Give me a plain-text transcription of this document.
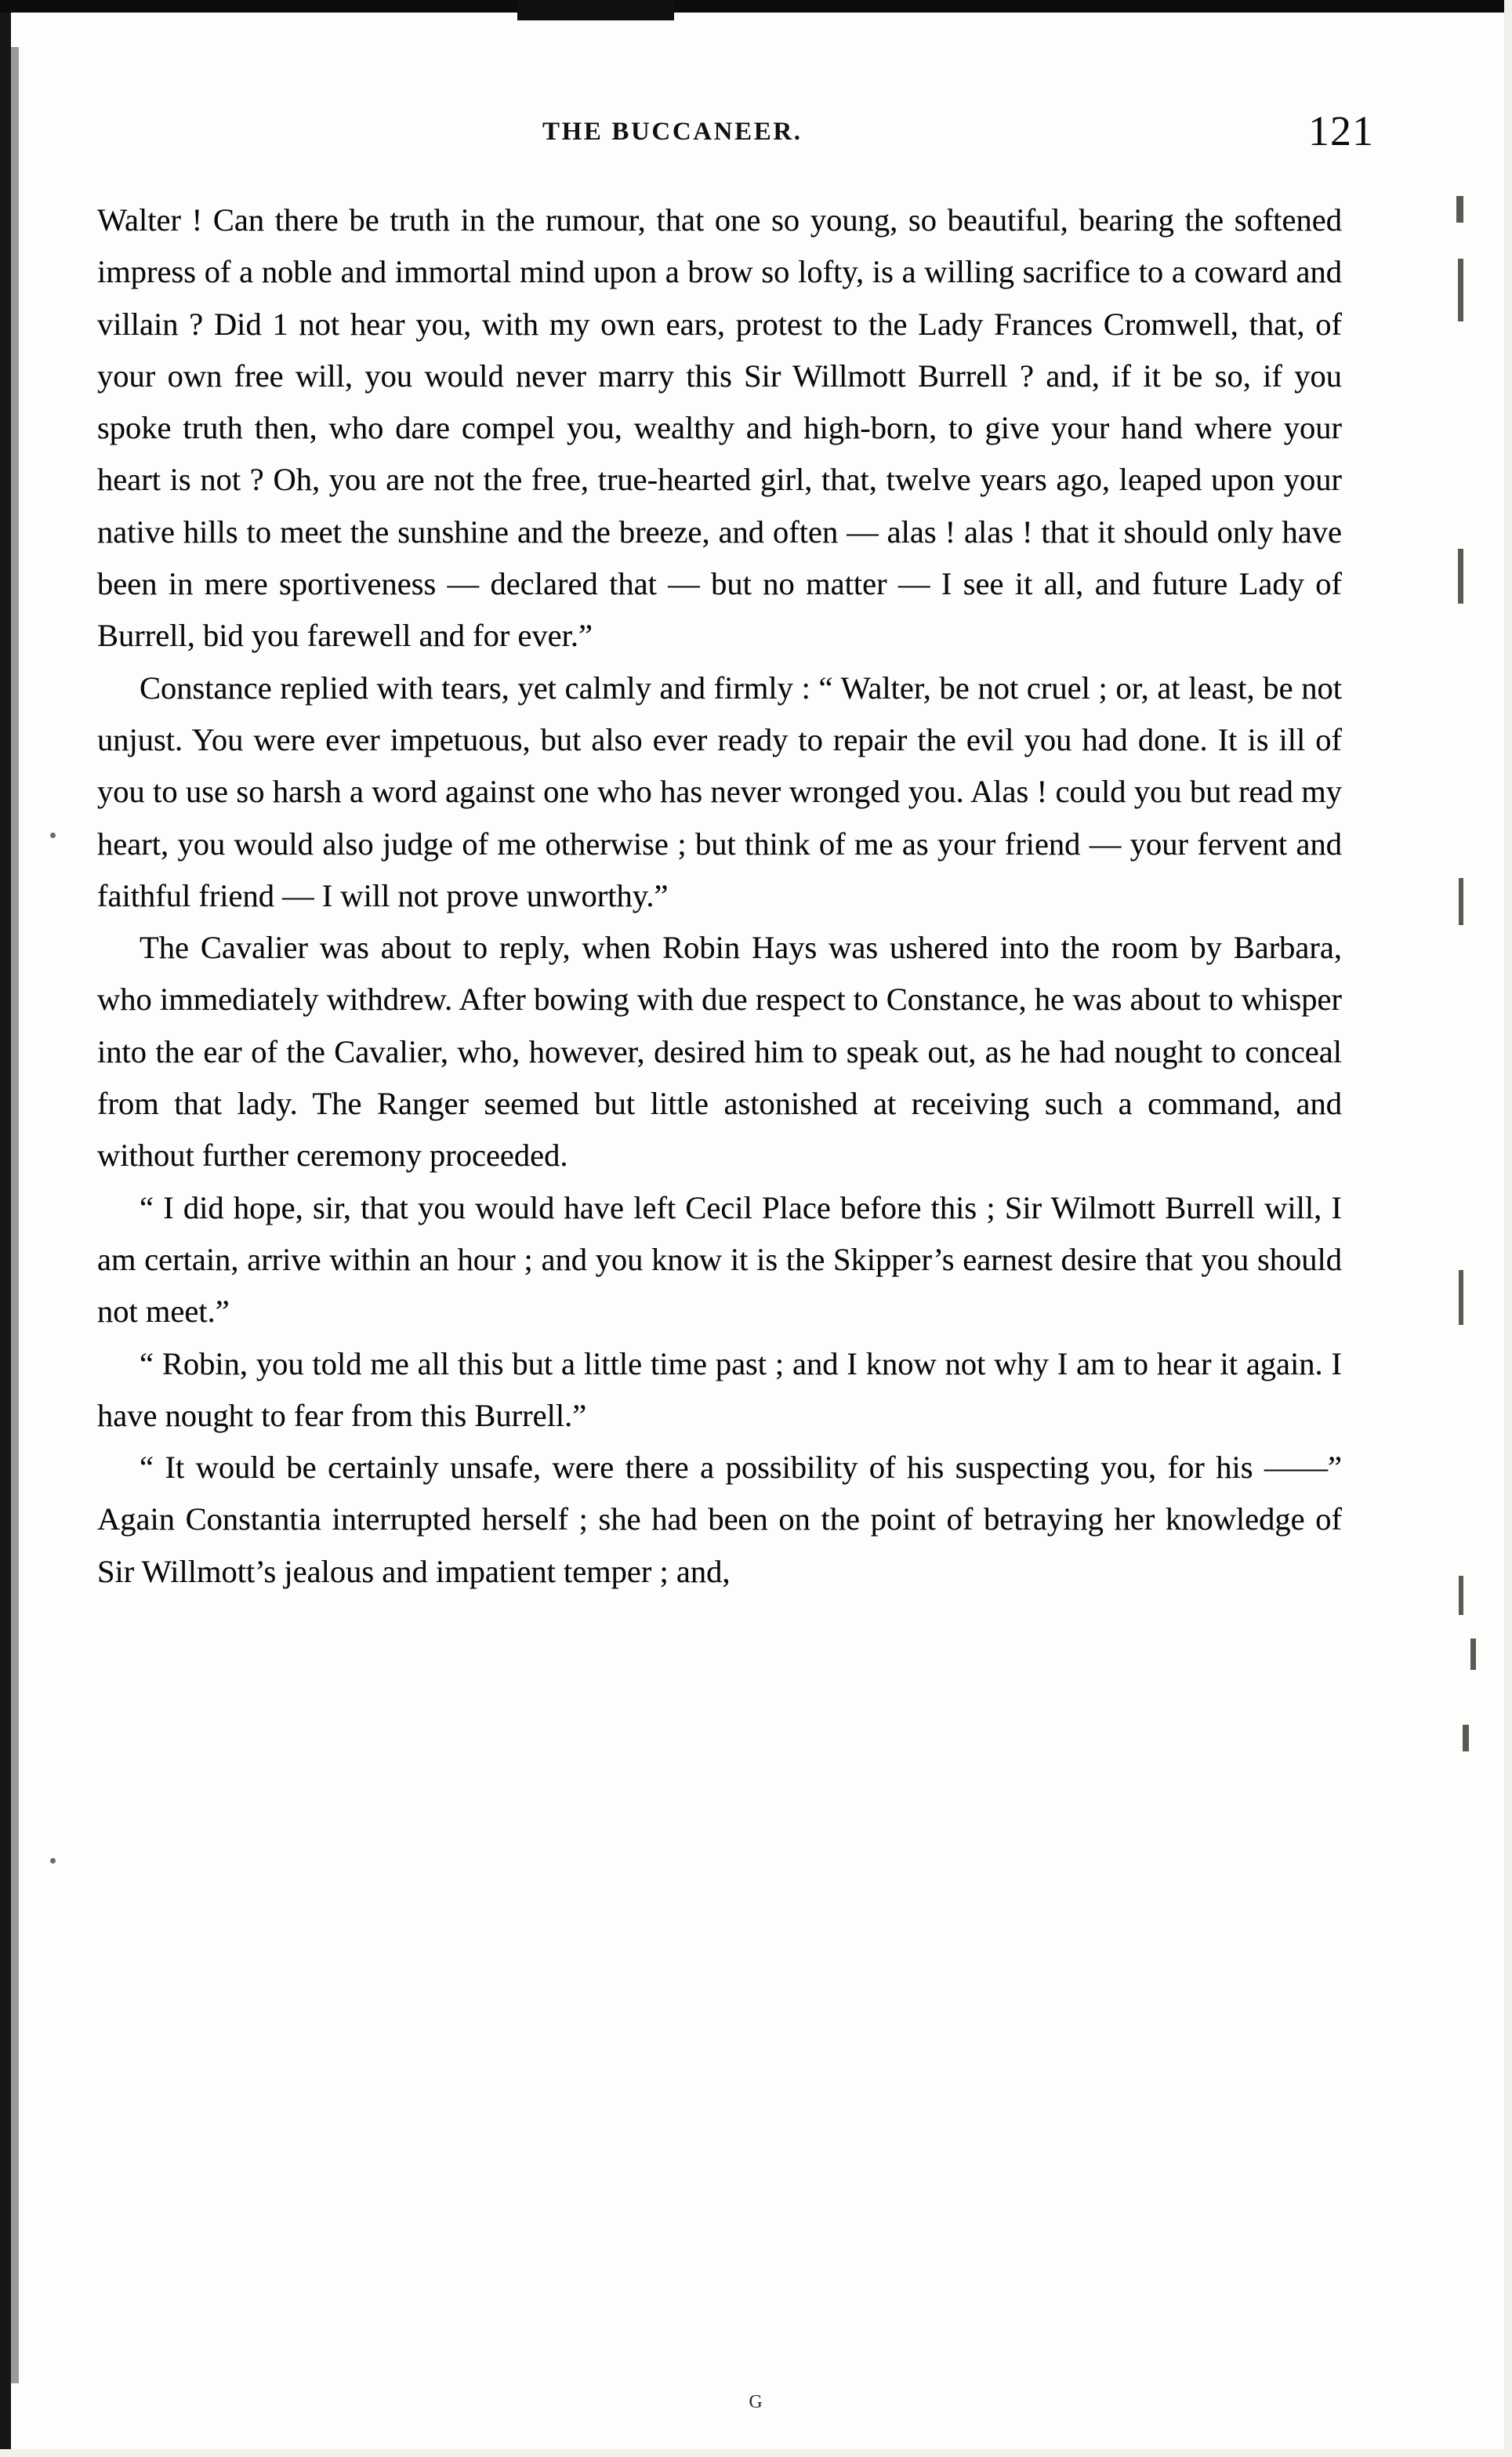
THE BUCCANEER.	121

Walter ! Can there be truth in the rumour, that one so young, so beautiful, bearing the softened impress of a noble and immortal mind upon a brow so lofty, is a willing sacrifice to a coward and villain ? Did 1 not hear you, with my own ears, protest to the Lady Frances Cromwell, that, of your own free will, you would never marry this Sir Willmott Burrell ? and, if it be so, if you spoke truth then, who dare compel you, wealthy and high-born, to give your hand where your heart is not ? Oh, you are not the free, true-hearted girl, that, twelve years ago, leaped upon your native hills to meet the sunshine and the breeze, and often — alas ! alas ! that it should only have been in mere sportiveness — declared that — but no matter — I see it all, and future Lady of Burrell, bid you farewell and for ever.”

Constance replied with tears, yet calmly and firmly : “ Walter, be not cruel ; or, at least, be not unjust. You were ever impetuous, but also ever ready to repair the evil you had done. It is ill of you to use so harsh a word against one who has never wronged you. Alas ! could you but read my heart, you would also judge of me otherwise ; but think of me as your friend — your fervent and faithful friend — I will not prove unworthy.”

The Cavalier was about to reply, when Robin Hays was ushered into the room by Barbara, who immediately withdrew. After bowing with due respect to Constance, he was about to whisper into the ear of the Cavalier, who, however, desired him to speak out, as he had nought to conceal from that lady. The Ranger seemed but little astonished at receiving such a command, and without further ceremony proceeded.

“ I did hope, sir, that you would have left Cecil Place before this ; Sir Wilmott Burrell will, I am certain, arrive within an hour ; and you know it is the Skipper’s earnest desire that you should not meet.”

“ Robin, you told me all this but a little time past ; and I know not why I am to hear it again. I have nought to fear from this Burrell.”

“ It would be certainly unsafe, were there a possibility of his suspecting you, for his ——” Again Constantia interrupted herself ; she had been on the point of betraying her knowledge of Sir Willmott’s jealous and impatient temper ; and,

G
